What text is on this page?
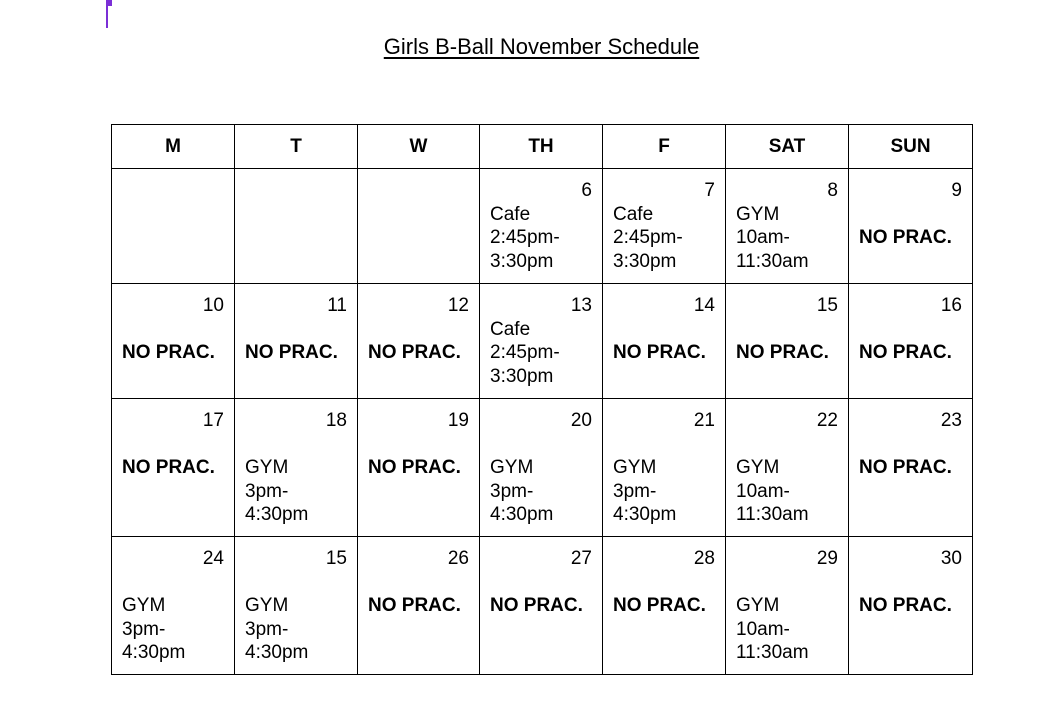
Girls B-Ball November Schedule
M	T	W	TH	F	SAT	SUN

			6
Cafe
2:45pm-
3:30pm	7
Cafe
2:45pm-
3:30pm	8
GYM
10am-
11:30am	9
NO PRAC.

10
NO PRAC.	11
NO PRAC.	12
NO PRAC.	13
Cafe
2:45pm-
3:30pm	14
NO PRAC.	15
NO PRAC.	16
NO PRAC.

17
NO PRAC.	18
GYM
3pm-
4:30pm	19
NO PRAC.	20
GYM
3pm-
4:30pm	21
GYM
3pm-
4:30pm	22
GYM
10am-
11:30am	23
NO PRAC.

24
GYM
3pm-
4:30pm	15
GYM
3pm-
4:30pm	26
NO PRAC.	27
NO PRAC.	28
NO PRAC.	29
GYM
10am-
11:30am	30
NO PRAC.
